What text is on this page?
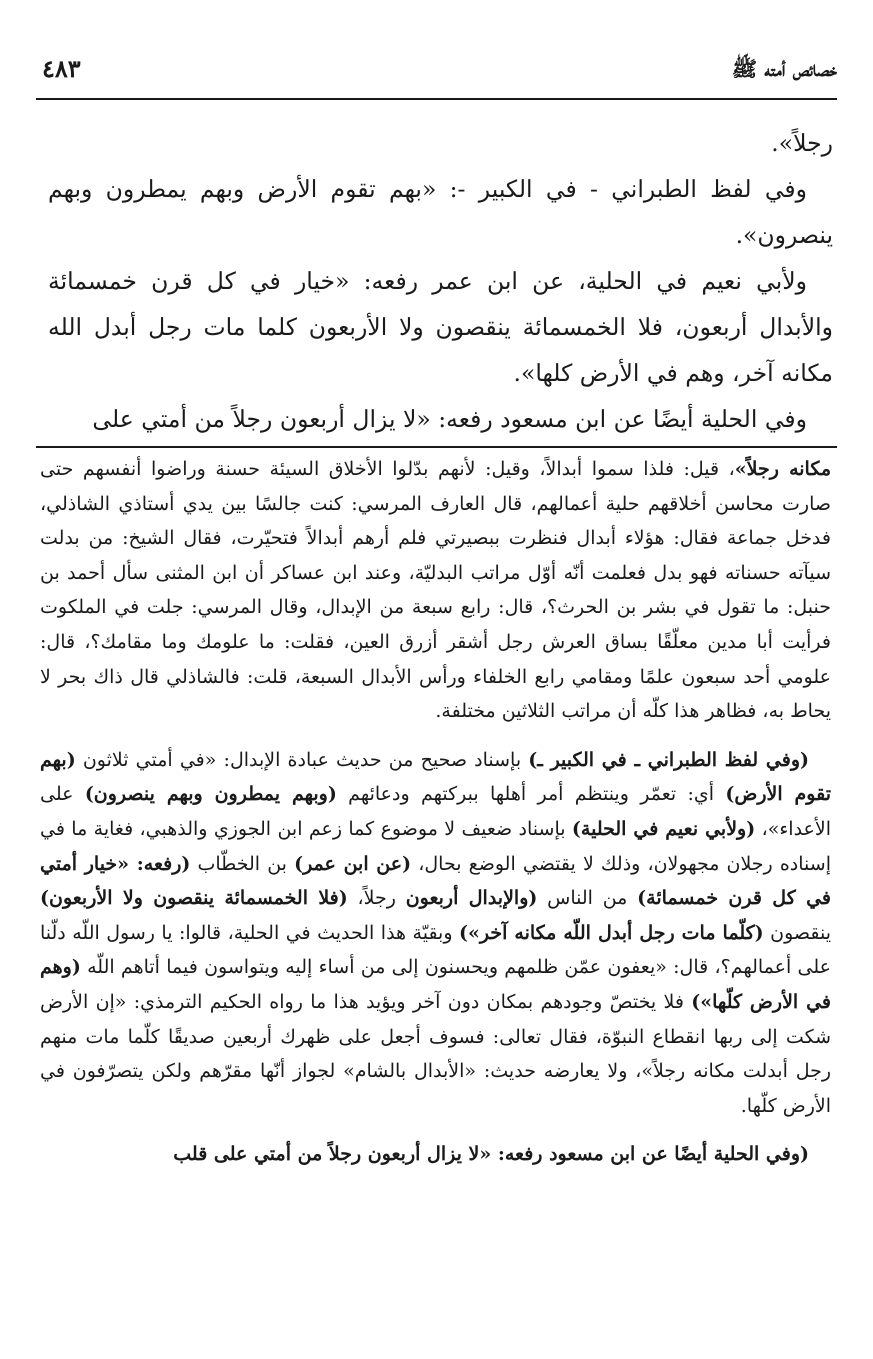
خصائص أمته ﷺ
٤٨٣

رجلاً».

وفي لفظ الطبراني - في الكبير -: «بهم تقوم الأرض وبهم يمطرون وبهم ينصرون».

ولأبي نعيم في الحلية، عن ابن عمر رفعه: «خيار في كل قرن خمسمائة والأبدال أربعون، فلا الخمسمائة ينقصون ولا الأربعون كلما مات رجل أبدل الله مكانه آخر، وهم في الأرض كلها».

وفي الحلية أيضًا عن ابن مسعود رفعه: «لا يزال أربعون رجلاً من أمتي على

مكانه رجلاً»، قيل: فلذا سموا أبدالاً، وقيل: لأنهم بدّلوا الأخلاق السيئة حسنة وراضوا أنفسهم حتى صارت محاسن أخلاقهم حلية أعمالهم، قال العارف المرسي: كنت جالسًا بين يدي أستاذي الشاذلي، فدخل جماعة فقال: هؤلاء أبدال فنظرت ببصيرتي فلم أرهم أبدالاً فتحيّرت، فقال الشيخ: من بدلت سيآته حسناته فهو بدل فعلمت أنّه أوّل مراتب البدليّة، وعند ابن عساكر أن ابن المثنى سأل أحمد بن حنبل: ما تقول في بشر بن الحرث؟، قال: رابع سبعة من الإبدال، وقال المرسي: جلت في الملكوت فرأيت أبا مدين معلّقًا بساق العرش رجل أشقر أزرق العين، فقلت: ما علومك وما مقامك؟، قال: علومي أحد سبعون علمًا ومقامي رابع الخلفاء ورأس الأبدال السبعة، قلت: فالشاذلي قال ذاك بحر لا يحاط به، فظاهر هذا كلّه أن مراتب الثلاثين مختلفة.

(وفي لفظ الطبراني ـ في الكبير ـ) بإسناد صحيح من حديث عبادة الإبدال: «في أمتي ثلاثون (بهم تقوم الأرض) أي: تعمّر وينتظم أمر أهلها ببركتهم ودعائهم (وبهم يمطرون وبهم ينصرون) على الأعداء»، (ولأبي نعيم في الحلية) بإسناد ضعيف لا موضوع كما زعم ابن الجوزي والذهبي، فغاية ما في إسناده رجلان مجهولان، وذلك لا يقتضي الوضع بحال، (عن ابن عمر) بن الخطّاب (رفعه: «خيار أمتي في كل قرن خمسمائة) من الناس (والإبدال أربعون رجلاً، (فلا الخمسمائة ينقصون ولا الأربعون) ينقصون (كلّما مات رجل أبدل اللّه مكانه آخر») وبقيّة هذا الحديث في الحلية، قالوا: يا رسول اللّه دلّنا على أعمالهم؟، قال: «يعفون عمّن ظلمهم ويحسنون إلى من أساء إليه ويتواسون فيما أتاهم اللّه (وهم في الأرض كلّها») فلا يختصّ وجودهم بمكان دون آخر ويؤيد هذا ما رواه الحكيم الترمذي: «إن الأرض شكت إلى ربها انقطاع النبوّة، فقال تعالى: فسوف أجعل على ظهرك أربعين صديقًا كلّما مات منهم رجل أبدلت مكانه رجلاً»، ولا يعارضه حديث: «الأبدال بالشام» لجواز أنّها مقرّهم ولكن يتصرّفون في الأرض كلّها.

(وفي الحلية أيضًا عن ابن مسعود رفعه: «لا يزال أربعون رجلاً من أمتي على قلب
